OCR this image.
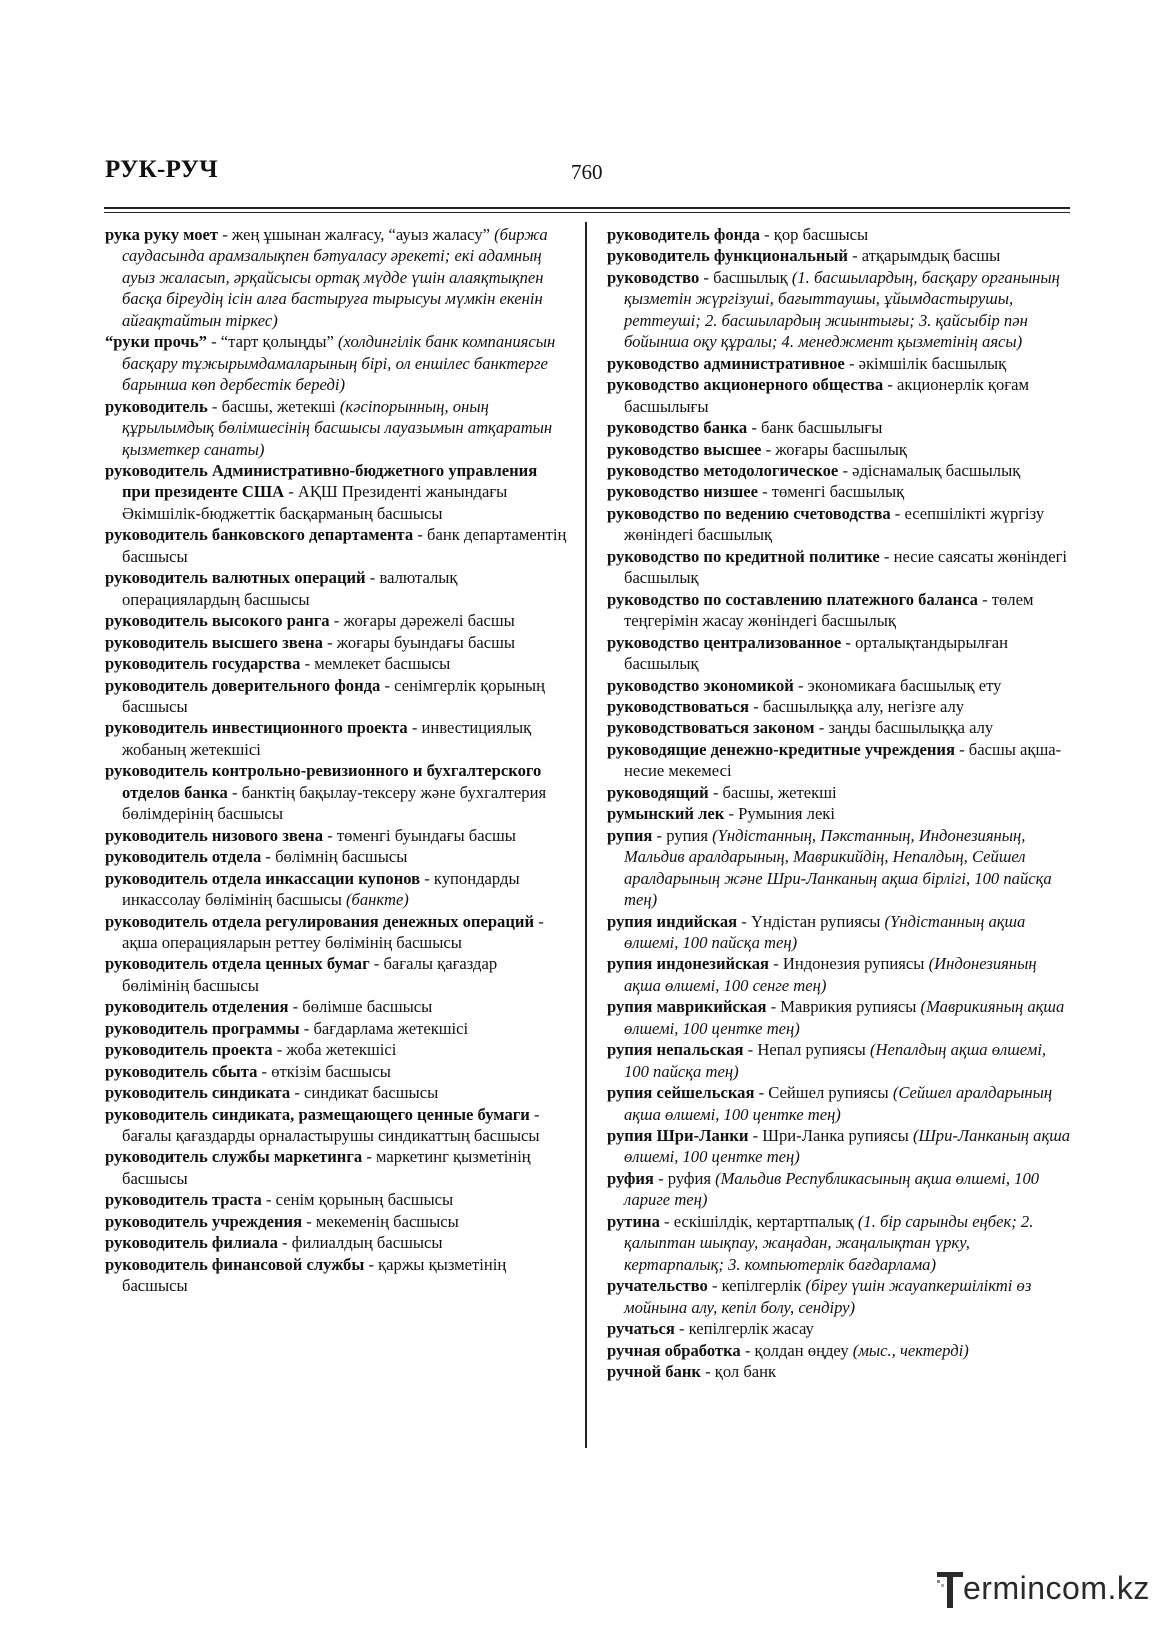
РУК-РУЧ	760

рука руку моет - жең ұшынан жалғасу, “ауыз жаласу” (биржа саудасында арамзалықпен бәтуаласу әрекеті; екі адамның ауыз жаласып, әрқайсысы ортақ мүдде үшін алаяқтықпен басқа біреудің ісін алға бастыруға тырысуы мүмкін екенін айғақтайтын тіркес)

“руки прочь” - “тарт қолыңды” (холдингілік банк компаниясын басқару тұжырымдамаларының бірі, ол еншілес банктерге барынша көп дербестік береді)

руководитель - басшы, жетекші (кәсіпорынның, оның құрылымдық бөлімшесінің басшысы лауазымын атқаратын қызметкер санаты)

руководитель Административно-бюджетного управления при президенте США - АҚШ Президенті жанындағы Әкімшілік-бюджеттік басқарманың басшысы

руководитель банковского департамента - банк департаментің басшысы

руководитель валютных операций - валюталық операциялардың басшысы

руководитель высокого ранга - жоғары дәрежелі басшы

руководитель высшего звена - жоғары буындағы басшы

руководитель государства - мемлекет басшысы

руководитель доверительного фонда - сенімгерлік қорының басшысы

руководитель инвестиционного проекта - инвестициялық жобаның жетекшісі

руководитель контрольно-ревизионного и бухгалтерского отделов банка - банктің бақылау-тексеру және бухгалтерия бөлімдерінің басшысы

руководитель низового звена - төменгі буындағы басшы

руководитель отдела - бөлімнің басшысы

руководитель отдела инкассации купонов - купондарды инкассолау бөлімінің басшысы (банкте)

руководитель отдела регулирования денежных операций - ақша операцияларын реттеу бөлімінің басшысы

руководитель отдела ценных бумаг - бағалы қағаздар бөлімінің басшысы

руководитель отделения - бөлімше басшысы

руководитель программы - бағдарлама жетекшісі

руководитель проекта - жоба жетекшісі

руководитель сбыта - өткізім басшысы

руководитель синдиката - синдикат басшысы

руководитель синдиката, размещающего ценные бумаги - бағалы қағаздарды орналастырушы синдикаттың басшысы

руководитель службы маркетинга - маркетинг қызметінің басшысы

руководитель траста - сенім қорының басшысы

руководитель учреждения - мекеменің басшысы

руководитель филиала - филиалдың басшысы

руководитель финансовой службы - қаржы қызметінің басшысы

руководитель фонда - қор басшысы

руководитель функциональный - атқарымдық басшы

руководство - басшылық (1. басшылардың, басқару органының қызметін жүргізуші, бағыттаушы, ұйымдастырушы, реттеуші; 2. басшылардың жиынтығы; 3. қайсыбір пән бойынша оқу құралы; 4. менеджмент қызметінің аясы)

руководство административное - әкімшілік басшылық

руководство акционерного общества - акционерлік қоғам басшылығы

руководство банка - банк басшылығы

руководство высшее - жоғары басшылық

руководство методологическое - әдіснамалық басшылық

руководство низшее - төменгі басшылық

руководство по ведению счетоводства - есепшілікті жүргізу жөніндегі басшылық

руководство по кредитной политике - несие саясаты жөніндегі басшылық

руководство по составлению платежного баланса - төлем теңгерімін жасау жөніндегі басшылық

руководство централизованное - орталықтандырылған басшылық

руководство экономикой - экономикаға басшылық ету

руководствоваться - басшылыққа алу, негізге алу

руководствоваться законом - заңды басшылыққа алу

руководящие денежно-кредитные учреждения - басшы ақша-несие мекемесі

руководящий - басшы, жетекші

румынский лек - Румыния лекі

рупия - рупия (Үндістанның, Пәкстанның, Индонезияның, Мальдив аралдарының, Маврикийдің, Непалдың, Сейшел аралдарының және Шри-Ланканың ақша бірлігі, 100 пайсқа тең)

рупия индийская - Үндістан рупиясы (Үндістанның ақша өлшемі, 100 пайсқа тең)

рупия индонезийская - Индонезия рупиясы (Индонезияның ақша өлшемі, 100 сенге тең)

рупия маврикийская - Маврикия рупиясы (Маврикияның ақша өлшемі, 100 центке тең)

рупия непальская - Непал рупиясы (Непалдың ақша өлшемі, 100 пайсқа тең)

рупия сейшельская - Сейшел рупиясы (Сейшел аралдарының ақша өлшемі, 100 центке тең)

рупия Шри-Ланки - Шри-Ланка рупиясы (Шри-Ланканың ақша өлшемі, 100 центке тең)

руфия - руфия (Мальдив Республикасының ақша өлшемі, 100 лариге тең)

рутина - ескішілдік, кертартпалық (1. бір сарынды еңбек; 2. қалыптан шықпау, жаңадан, жаңалықтан үрку, кертарпалық; 3. компьютерлік бағдарлама)

ручательство - кепілгерлік (біреу үшін жауапкершілікті өз мойнына алу, кепіл болу, сендіру)

ручаться - кепілгерлік жасау

ручная обработка - қолдан өңдеу (мыс., чектерді)

ручной банк - қол банк

ermincom.kz
